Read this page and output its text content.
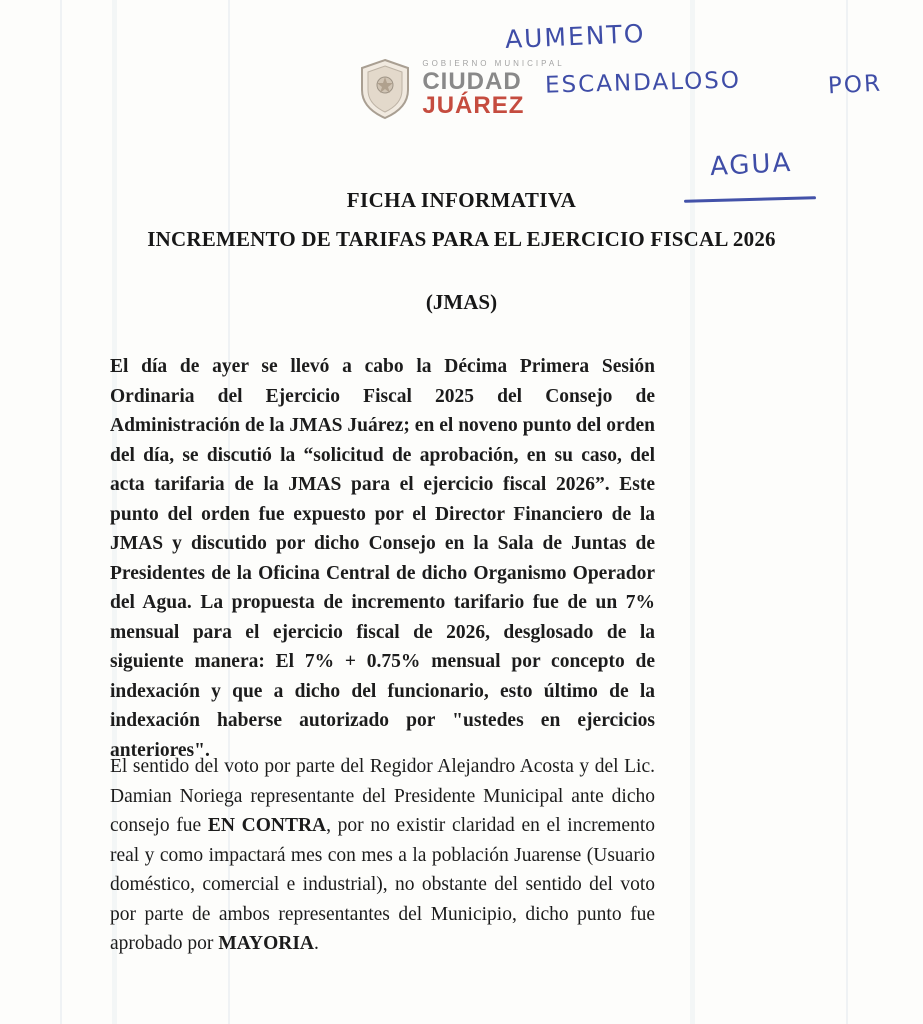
GOBIERNO MUNICIPAL
CIUDAD
JUÁREZ
AUMENTO
ESCANDALOSO	POR
AGUA
FICHA INFORMATIVA
INCREMENTO DE TARIFAS PARA EL EJERCICIO FISCAL 2026
(JMAS)
El día de ayer se llevó a cabo la Décima Primera Sesión Ordinaria del Ejercicio Fiscal 2025 del Consejo de Administración de la JMAS Juárez; en el noveno punto del orden del día, se discutió la “solicitud de aprobación, en su caso, del acta tarifaria de la JMAS para el ejercicio fiscal 2026”. Este punto del orden fue expuesto por el Director Financiero de la JMAS y discutido por dicho Consejo en la Sala de Juntas de Presidentes de la Oficina Central de dicho Organismo Operador del Agua. La propuesta de incremento tarifario fue de un 7% mensual para el ejercicio fiscal de 2026, desglosado de la siguiente manera: El 7% + 0.75% mensual por concepto de indexación y que a dicho del funcionario, esto último de la indexación haberse autorizado por "ustedes en ejercicios anteriores".
El sentido del voto por parte del Regidor Alejandro Acosta y del Lic. Damian Noriega representante del Presidente Municipal ante dicho consejo fue EN CONTRA, por no existir claridad en el incremento real y como impactará mes con mes a la población Juarense (Usuario doméstico, comercial e industrial), no obstante del sentido del voto por parte de ambos representantes del Municipio, dicho punto fue aprobado por MAYORIA.
